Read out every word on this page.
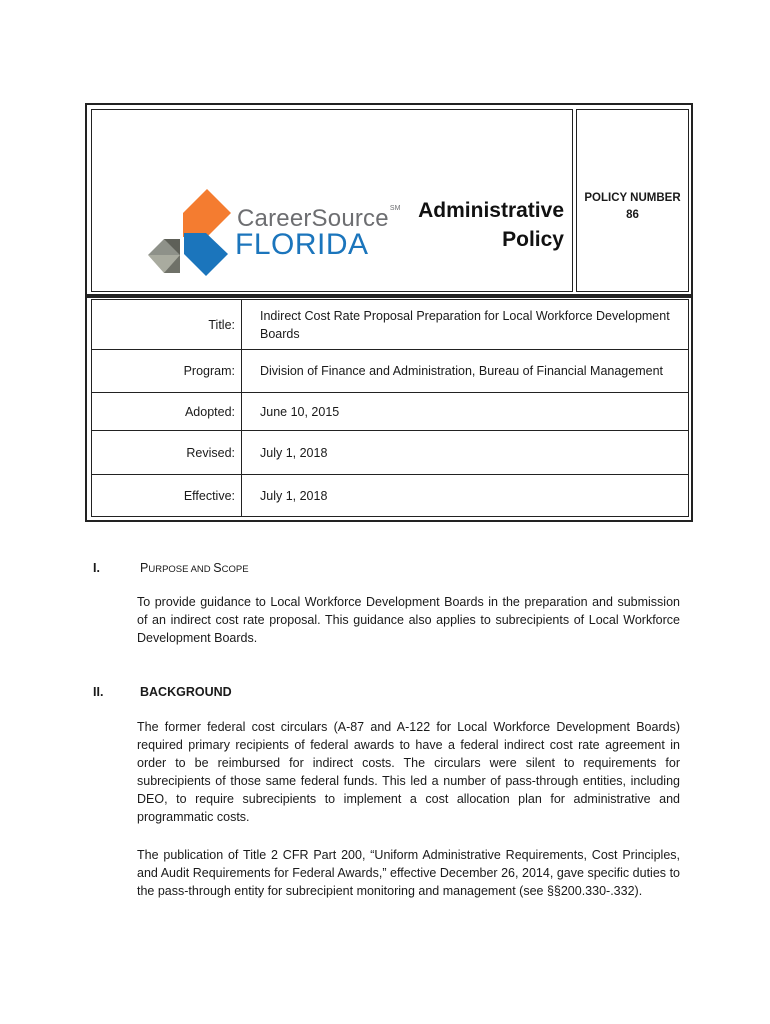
CareerSource℠
FLORIDA
Administrative
Policy
POLICY NUMBER
86
Title:
Indirect Cost Rate Proposal Preparation for Local Workforce Development Boards
Program:	Division of Finance and Administration, Bureau of Financial Management
Adopted:	June 10, 2015
Revised:	July 1, 2018
Effective:	July 1, 2018
I.	PURPOSE AND SCOPE
To provide guidance to Local Workforce Development Boards in the preparation and submission of an indirect cost rate proposal. This guidance also applies to subrecipients of Local Workforce Development Boards.
II.	BACKGROUND
The former federal cost circulars (A-87 and A-122 for Local Workforce Development Boards) required primary recipients of federal awards to have a federal indirect cost rate agreement in order to be reimbursed for indirect costs. The circulars were silent to requirements for subrecipients of those same federal funds. This led a number of pass-through entities, including DEO, to require subrecipients to implement a cost allocation plan for administrative and programmatic costs.
The publication of Title 2 CFR Part 200, “Uniform Administrative Requirements, Cost Principles, and Audit Requirements for Federal Awards,” effective December 26, 2014, gave specific duties to the pass-through entity for subrecipient monitoring and management (see §§200.330-.332).
